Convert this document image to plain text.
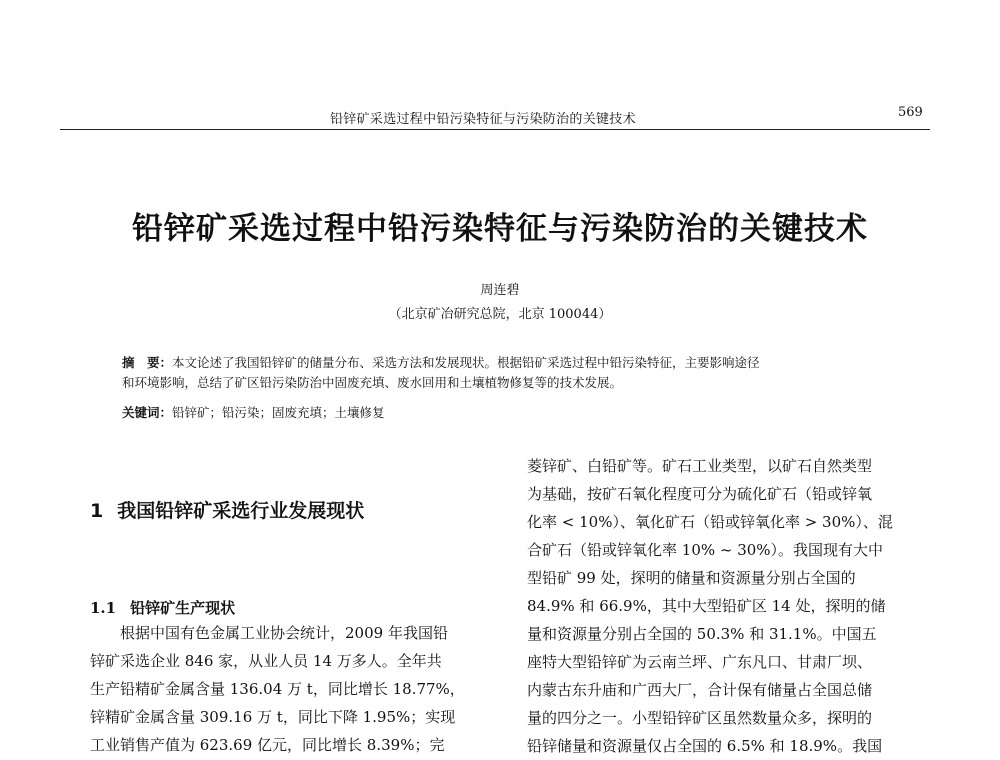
铅锌矿采选过程中铅污染特征与污染防治的关键技术	569
铅锌矿采选过程中铅污染特征与污染防治的关键技术
周连碧
（北京矿冶研究总院，北京 100044）
摘　要：本文论述了我国铅锌矿的储量分布、采选方法和发展现状。根据铅矿采选过程中铅污染特征，主要影响途径
和环境影响，总结了矿区铅污染防治中固废充填、废水回用和土壤植物修复等的技术发展。
关键词：铅锌矿；铅污染；固废充填；土壤修复
1 我国铅锌矿采选行业发展现状
1.1 铅锌矿生产现状
根据中国有色金属工业协会统计，2009 年我国铅
锌矿采选企业 846 家，从业人员 14 万多人。全年共
生产铅精矿金属含量 136.04 万 t，同比增长 18.77%，
锌精矿金属含量 309.16 万 t，同比下降 1.95%；实现
工业销售产值为 623.69 亿元，同比增长 8.39%；完
菱锌矿、白铅矿等。矿石工业类型，以矿石自然类型
为基础，按矿石氧化程度可分为硫化矿石（铅或锌氧
化率 < 10%）、氧化矿石（铅或锌氧化率 > 30%）、混
合矿石（铅或锌氧化率 10% ~ 30%）。我国现有大中
型铅矿 99 处，探明的储量和资源量分别占全国的
84.9% 和 66.9%，其中大型铅矿区 14 处，探明的储
量和资源量分别占全国的 50.3% 和 31.1%。中国五
座特大型铅锌矿为云南兰坪、广东凡口、甘肃厂坝、
内蒙古东升庙和广西大厂，合计保有储量占全国总储
量的四分之一。小型铅锌矿区虽然数量众多，探明的
铅锌储量和资源量仅占全国的 6.5% 和 18.9%。我国
